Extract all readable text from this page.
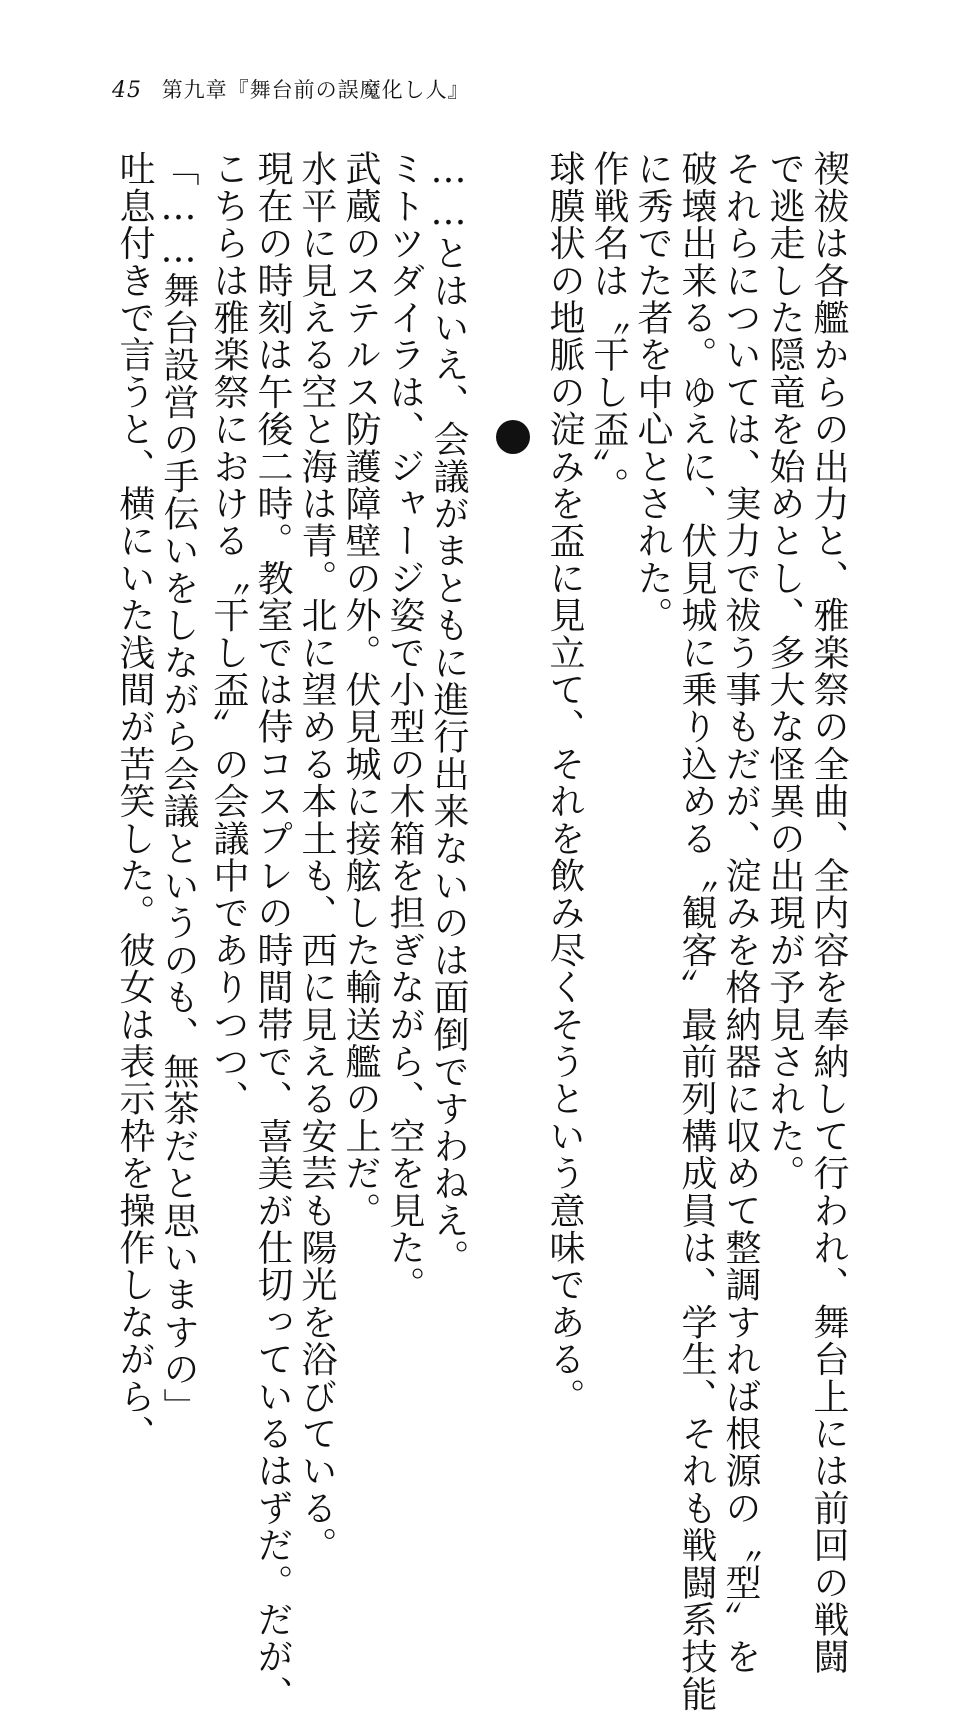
45 第九章『舞台前の誤魔化し人』
禊祓は各艦からの出力と、雅楽祭の全曲、全内容を奉納して行われ、舞台上には前回の戦闘
で逃走した隠竜を始めとし、多大な怪異の出現が予見された。
それらについては、実力で祓う事もだが、淀みを格納器に収めて整調すれば根源の〝型〟を
破壊出来る。ゆえに、伏見城に乗り込める〝観客〟最前列構成員は、学生、それも戦闘系技能
に秀でた者を中心とされた。
作戦名は〝干し盃〟。
球膜状の地脈の淀みを盃に見立て、それを飲み尽くそうという意味である。
……とはいえ、会議がまともに進行出来ないのは面倒ですわねえ。
ミトツダイラは、ジャージ姿で小型の木箱を担ぎながら、空を見た。
武蔵のステルス防護障壁の外。伏見城に接舷した輸送艦の上だ。
水平に見える空と海は青。北に望める本土も、西に見える安芸も陽光を浴びている。
現在の時刻は午後二時。教室では侍コスプレの時間帯で、喜美が仕切っているはずだ。だが、
こちらは雅楽祭における〝干し盃〟の会議中でありつつ、
「……舞台設営の手伝いをしながら会議というのも、無茶だと思いますの」
吐息付きで言うと、横にいた浅間が苦笑した。彼女は表示枠を操作しながら、
